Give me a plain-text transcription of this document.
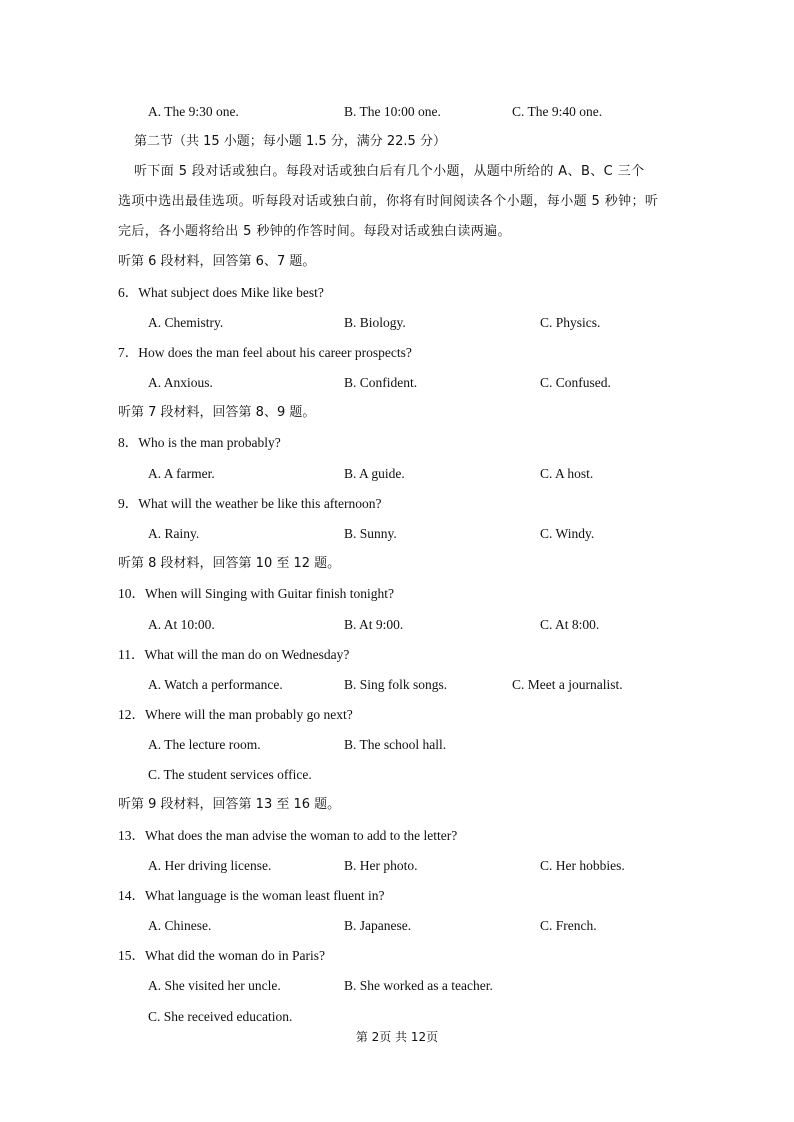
A. The 9:30 one.	B. The 10:00 one.	C. The 9:40 one.
第二节（共 15 小题；每小题 1.5 分，满分 22.5 分）
听下面 5 段对话或独白。每段对话或独白后有几个小题，从题中所给的 A、B、C 三个
选项中选出最佳选项。听每段对话或独白前，你将有时间阅读各个小题，每小题 5 秒钟；听
完后，各小题将给出 5 秒钟的作答时间。每段对话或独白读两遍。
听第 6 段材料，回答第 6、7 题。
6．What subject does Mike like best?
A. Chemistry.	B. Biology.	C. Physics.
7．How does the man feel about his career prospects?
A. Anxious.	B. Confident.	C. Confused.
听第 7 段材料，回答第 8、9 题。
8．Who is the man probably?
A. A farmer.	B. A guide.	C. A host.
9．What will the weather be like this afternoon?
A. Rainy.	B. Sunny.	C. Windy.
听第 8 段材料，回答第 10 至 12 题。
10．When will Singing with Guitar finish tonight?
A. At 10:00.	B. At 9:00.	C. At 8:00.
11．What will the man do on Wednesday?
A. Watch a performance.	B. Sing folk songs.	C. Meet a journalist.
12．Where will the man probably go next?
A. The lecture room.	B. The school hall.
C. The student services office.
听第 9 段材料，回答第 13 至 16 题。
13．What does the man advise the woman to add to the letter?
A. Her driving license.	B. Her photo.	C. Her hobbies.
14．What language is the woman least fluent in?
A. Chinese.	B. Japanese.	C. French.
15．What did the woman do in Paris?
A. She visited her uncle.	B. She worked as a teacher.
C. She received education.
第 2页 共 12页
